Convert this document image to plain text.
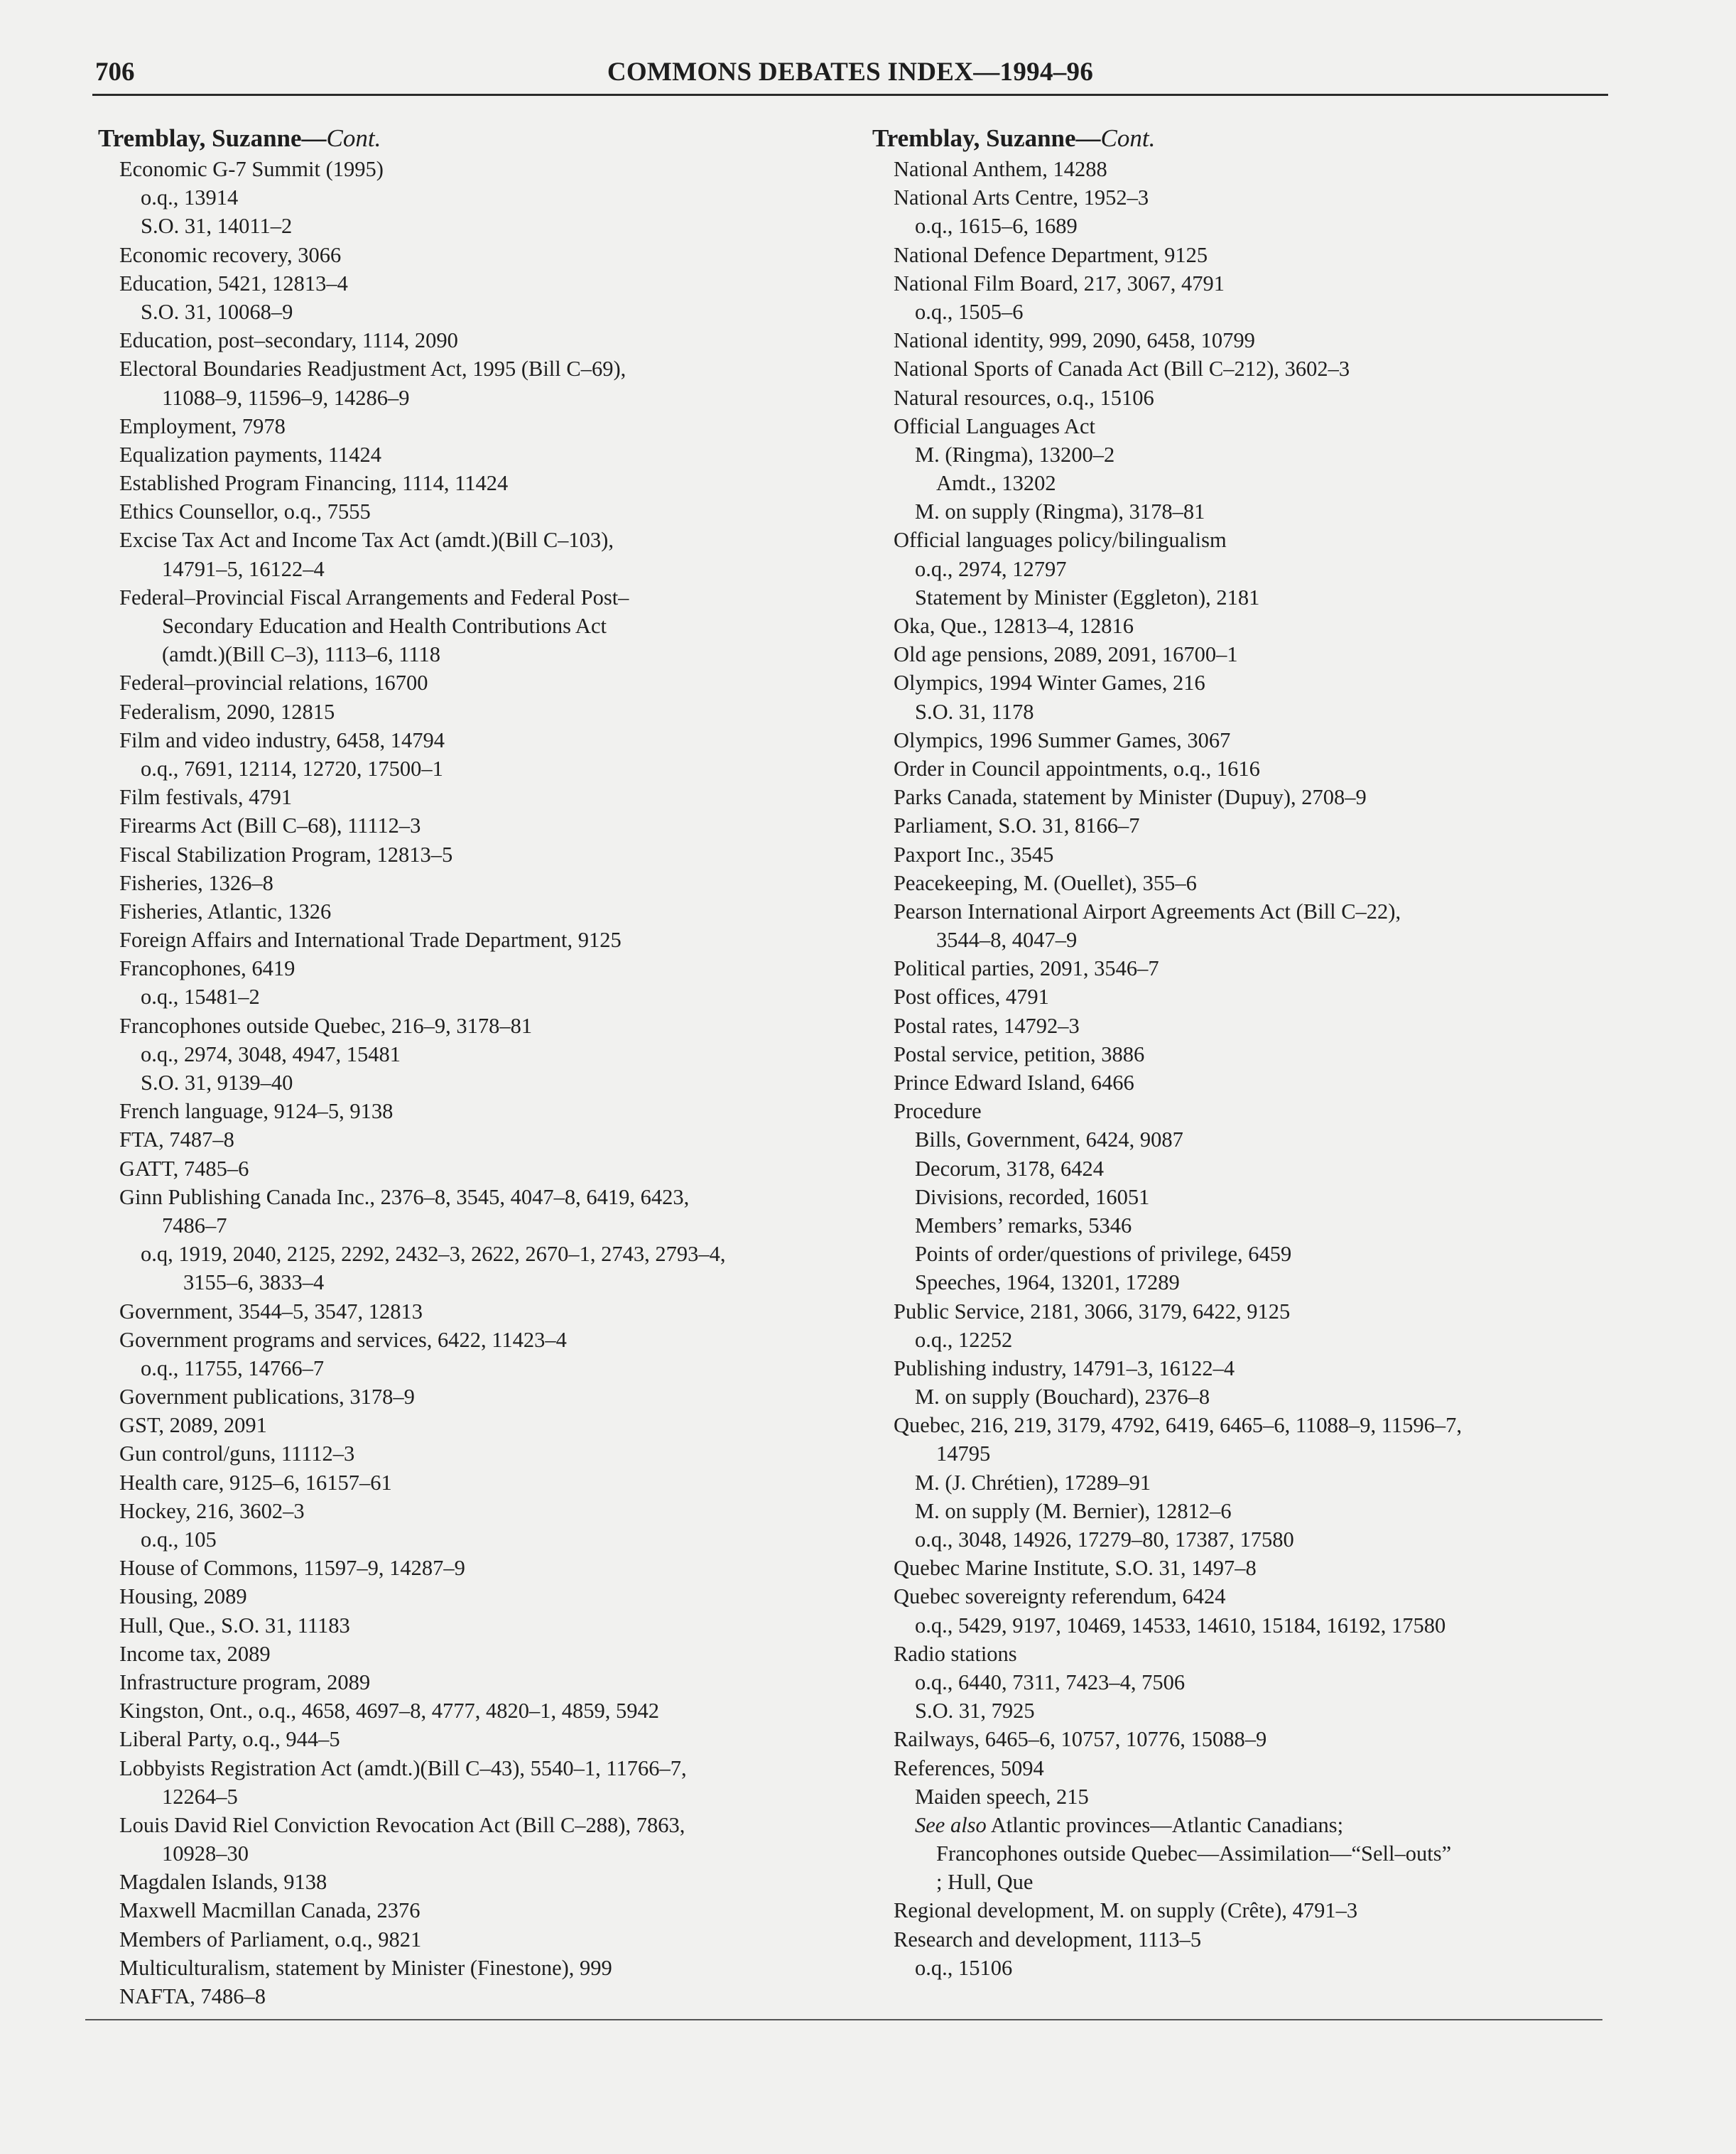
706	COMMONS DEBATES INDEX—1994–96
Tremblay, Suzanne—Cont.
Economic G-7 Summit (1995)
o.q., 13914
S.O. 31, 14011–2
Economic recovery, 3066
Education, 5421, 12813–4
S.O. 31, 10068–9
Education, post–secondary, 1114, 2090
Electoral Boundaries Readjustment Act, 1995 (Bill C–69),
11088–9, 11596–9, 14286–9
Employment, 7978
Equalization payments, 11424
Established Program Financing, 1114, 11424
Ethics Counsellor, o.q., 7555
Excise Tax Act and Income Tax Act (amdt.)(Bill C–103),
14791–5, 16122–4
Federal–Provincial Fiscal Arrangements and Federal Post–
Secondary Education and Health Contributions Act
(amdt.)(Bill C–3), 1113–6, 1118
Federal–provincial relations, 16700
Federalism, 2090, 12815
Film and video industry, 6458, 14794
o.q., 7691, 12114, 12720, 17500–1
Film festivals, 4791
Firearms Act (Bill C–68), 11112–3
Fiscal Stabilization Program, 12813–5
Fisheries, 1326–8
Fisheries, Atlantic, 1326
Foreign Affairs and International Trade Department, 9125
Francophones, 6419
o.q., 15481–2
Francophones outside Quebec, 216–9, 3178–81
o.q., 2974, 3048, 4947, 15481
S.O. 31, 9139–40
French language, 9124–5, 9138
FTA, 7487–8
GATT, 7485–6
Ginn Publishing Canada Inc., 2376–8, 3545, 4047–8, 6419, 6423,
7486–7
o.q, 1919, 2040, 2125, 2292, 2432–3, 2622, 2670–1, 2743, 2793–4,
3155–6, 3833–4
Government, 3544–5, 3547, 12813
Government programs and services, 6422, 11423–4
o.q., 11755, 14766–7
Government publications, 3178–9
GST, 2089, 2091
Gun control/guns, 11112–3
Health care, 9125–6, 16157–61
Hockey, 216, 3602–3
o.q., 105
House of Commons, 11597–9, 14287–9
Housing, 2089
Hull, Que., S.O. 31, 11183
Income tax, 2089
Infrastructure program, 2089
Kingston, Ont., o.q., 4658, 4697–8, 4777, 4820–1, 4859, 5942
Liberal Party, o.q., 944–5
Lobbyists Registration Act (amdt.)(Bill C–43), 5540–1, 11766–7,
12264–5
Louis David Riel Conviction Revocation Act (Bill C–288), 7863,
10928–30
Magdalen Islands, 9138
Maxwell Macmillan Canada, 2376
Members of Parliament, o.q., 9821
Multiculturalism, statement by Minister (Finestone), 999
NAFTA, 7486–8
Tremblay, Suzanne—Cont.
National Anthem, 14288
National Arts Centre, 1952–3
o.q., 1615–6, 1689
National Defence Department, 9125
National Film Board, 217, 3067, 4791
o.q., 1505–6
National identity, 999, 2090, 6458, 10799
National Sports of Canada Act (Bill C–212), 3602–3
Natural resources, o.q., 15106
Official Languages Act
M. (Ringma), 13200–2
Amdt., 13202
M. on supply (Ringma), 3178–81
Official languages policy/bilingualism
o.q., 2974, 12797
Statement by Minister (Eggleton), 2181
Oka, Que., 12813–4, 12816
Old age pensions, 2089, 2091, 16700–1
Olympics, 1994 Winter Games, 216
S.O. 31, 1178
Olympics, 1996 Summer Games, 3067
Order in Council appointments, o.q., 1616
Parks Canada, statement by Minister (Dupuy), 2708–9
Parliament, S.O. 31, 8166–7
Paxport Inc., 3545
Peacekeeping, M. (Ouellet), 355–6
Pearson International Airport Agreements Act (Bill C–22),
3544–8, 4047–9
Political parties, 2091, 3546–7
Post offices, 4791
Postal rates, 14792–3
Postal service, petition, 3886
Prince Edward Island, 6466
Procedure
Bills, Government, 6424, 9087
Decorum, 3178, 6424
Divisions, recorded, 16051
Members’ remarks, 5346
Points of order/questions of privilege, 6459
Speeches, 1964, 13201, 17289
Public Service, 2181, 3066, 3179, 6422, 9125
o.q., 12252
Publishing industry, 14791–3, 16122–4
M. on supply (Bouchard), 2376–8
Quebec, 216, 219, 3179, 4792, 6419, 6465–6, 11088–9, 11596–7,
14795
M. (J. Chrétien), 17289–91
M. on supply (M. Bernier), 12812–6
o.q., 3048, 14926, 17279–80, 17387, 17580
Quebec Marine Institute, S.O. 31, 1497–8
Quebec sovereignty referendum, 6424
o.q., 5429, 9197, 10469, 14533, 14610, 15184, 16192, 17580
Radio stations
o.q., 6440, 7311, 7423–4, 7506
S.O. 31, 7925
Railways, 6465–6, 10757, 10776, 15088–9
References, 5094
Maiden speech, 215
See also Atlantic provinces—Atlantic Canadians;
Francophones outside Quebec—Assimilation—“Sell–outs”
; Hull, Que
Regional development, M. on supply (Crête), 4791–3
Research and development, 1113–5
o.q., 15106
